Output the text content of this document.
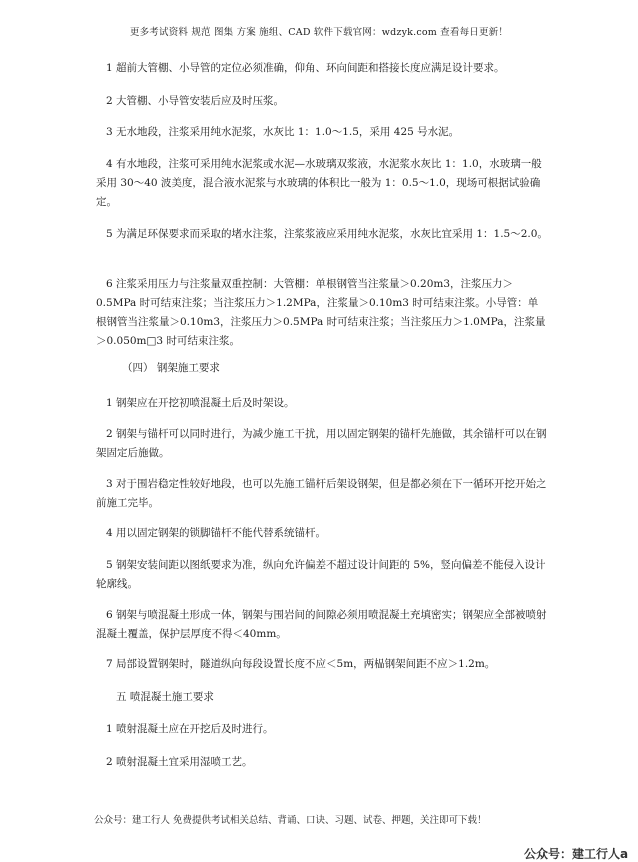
更多考试资料 规范 图集 方案 施组、CAD 软件下载官网：wdzyk.com 查看每日更新！
1 超前大管棚、小导管的定位必须准确，仰角、环向间距和搭接长度应满足设计要求。
2 大管棚、小导管安装后应及时压浆。
3 无水地段，注浆采用纯水泥浆，水灰比 1：1.0～1.5，采用 425 号水泥。
4 有水地段，注浆可采用纯水泥浆或水泥—水玻璃双浆液，水泥浆水灰比 1：1.0，水玻璃一般采用 30～40 波美度，混合液水泥浆与水玻璃的体积比一般为 1：0.5～1.0，现场可根据试验确定。
5 为满足环保要求而采取的堵水注浆，注浆浆液应采用纯水泥浆，水灰比宜采用 1：1.5～2.0。
6 注浆采用压力与注浆量双重控制：大管棚：单根钢管当注浆量＞0.20m3，注浆压力＞0.5MPa 时可结束注浆；当注浆压力＞1.2MPa，注浆量＞0.10m3 时可结束注浆。小导管：单根钢管当注浆量＞0.10m3，注浆压力＞0.5MPa 时可结束注浆；当注浆压力＞1.0MPa，注浆量＞0.050m□3 时可结束注浆。
（四） 钢架施工要求
1 钢架应在开挖初喷混凝土后及时架设。
2 钢架与锚杆可以同时进行，为减少施工干扰，用以固定钢架的锚杆先施做，其余锚杆可以在钢架固定后施做。
3 对于围岩稳定性较好地段，也可以先施工锚杆后架设钢架，但是都必须在下一循环开挖开始之前施工完毕。
4 用以固定钢架的锁脚锚杆不能代替系统锚杆。
5 钢架安装间距以图纸要求为准，纵向允许偏差不超过设计间距的 5%，竖向偏差不能侵入设计轮廓线。
6 钢架与喷混凝土形成一体，钢架与围岩间的间隙必须用喷混凝土充填密实；钢架应全部被喷射混凝土覆盖，保护层厚度不得＜40mm。
7 局部设置钢架时，隧道纵向每段设置长度不应＜5m，两榀钢架间距不应＞1.2m。
五 喷混凝土施工要求
1 喷射混凝土应在开挖后及时进行。
2 喷射混凝土宜采用湿喷工艺。
公众号：建工行人 免费提供考试相关总结、背诵、口诀、习题、试卷、押题，关注即可下载！
公众号：建工行人a
